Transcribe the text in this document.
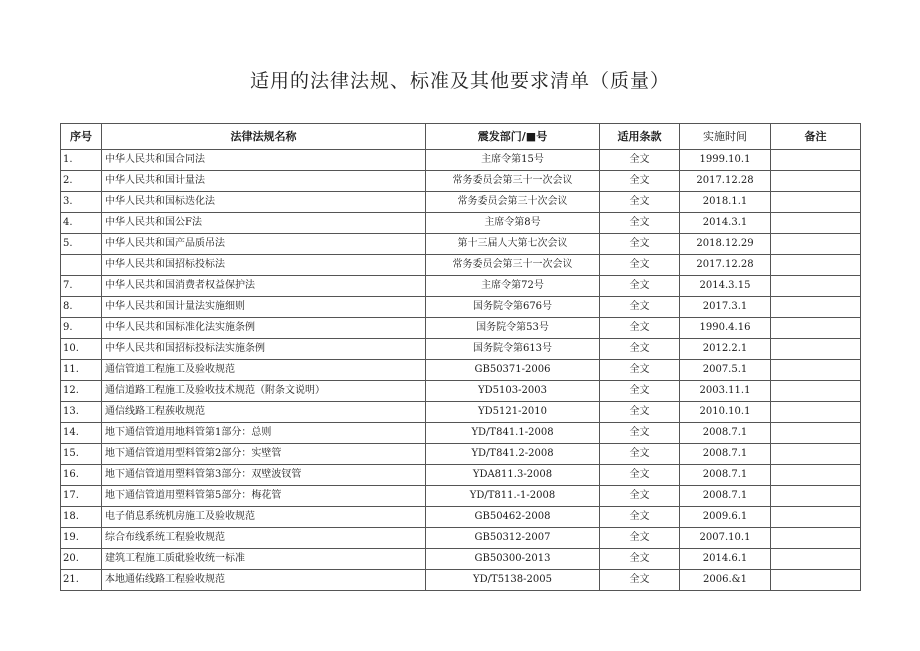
适用的法律法规、标准及其他要求清单（质量）
序号	法律法规名称	震发部门/■号	适用条款	实施时间	备注
1.	中华人民共和国合同法	主席令第15号	全文	1999.10.1	
2.	中华人民共和国计量法	常务委员会第三十一次会议	全文	2017.12.28	
3.	中华人民共和国标迭化法	常务委员会第三十次会议	全文	2018.1.1	
4.	中华人民共和国公F法	主席令第8号	全文	2014.3.1	
5.	中华人民共和国产品质吊法	第十三届人大第七次会议	全文	2018.12.29	
	中华人民共和国招标投标法	常务委员会第三十一次会议	全文	2017.12.28	
7.	中华人民共和国消费者权益保护法	主席令第72号	全文	2014.3.15	
8.	中华人民共和国计量法实施细则	国务院令第676号	全文	2017.3.1	
9.	中华人民共和国标准化法实施条例	国务院令第53号	全文	1990.4.16	
10.	中华人民共和国招标投标法实施条例	国务院令第613号	全文	2012.2.1	
11.	通信管道工程施工及验收规范	GB50371-2006	全文	2007.5.1	
12.	通信道路工程施工及验收技术规范（附条文说明）	YD5103-2003	全文	2003.11.1	
13.	通信线路工程蔟收规范	YD5121-2010	全文	2010.10.1	
14.	地下通信管道用地料管第1部分：总则	YD/T841.1-2008	全文	2008.7.1	
15.	地下通信管道用型料管第2部分：实壁管	YD/T841.2-2008	全文	2008.7.1	
16.	地下通信管道用塑料管第3部分：双壁波钗管	YDA811.3-2008	全文	2008.7.1	
17.	地下通信管道用塑料管第5部分：梅花管	YD/T811.-1-2008	全文	2008.7.1	
18.	电子俏息系统机房施工及验收规范	GB50462-2008	全文	2009.6.1	
19.	综合布线系统工程验收规范	GB50312-2007	全文	2007.10.1	
20.	建筑工程施工质砒验收统一标准	GB50300-2013	全文	2014.6.1	
21.	本地通佑线路工程验收规范	YD/T5138-2005	全文	2006.&1	
